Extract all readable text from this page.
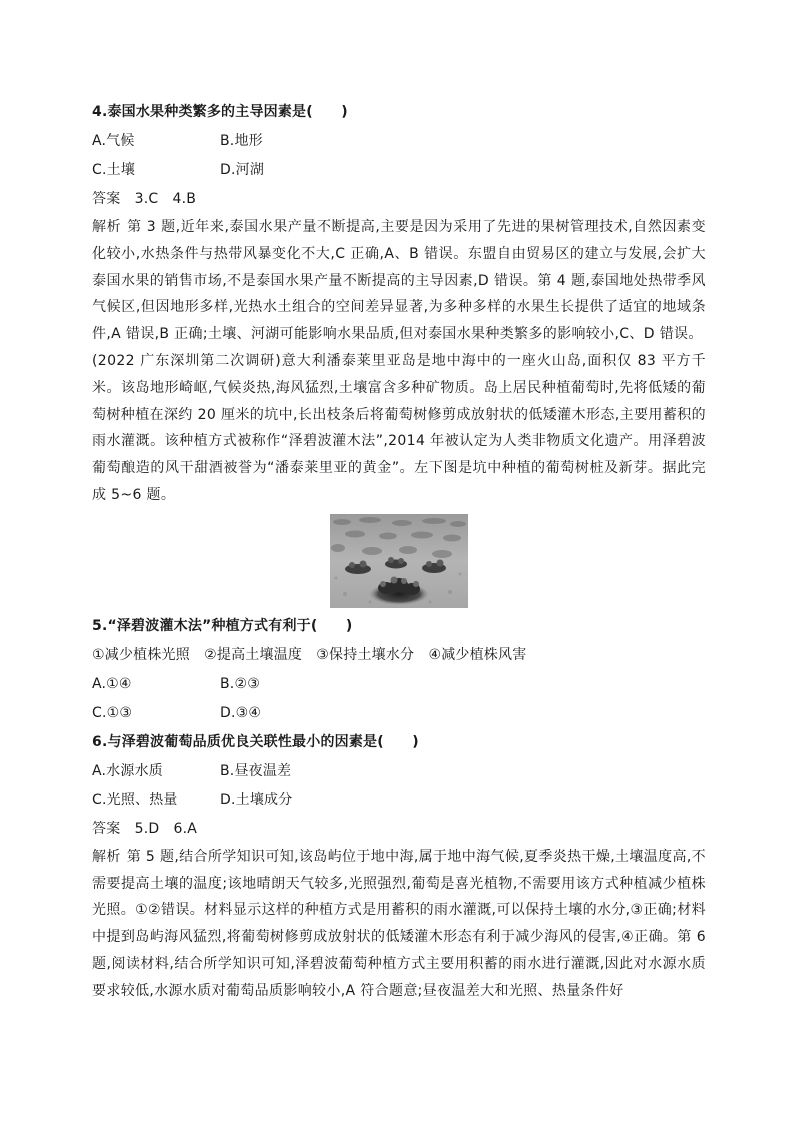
4.泰国水果种类繁多的主导因素是(　　)
A.气候	B.地形
C.土壤	D.河湖
答案　3.C　4.B

解析 第 3 题,近年来,泰国水果产量不断提高,主要是因为采用了先进的果树管理技术,自然因素变化较小,水热条件与热带风暴变化不大,C 正确,A、B 错误。东盟自由贸易区的建立与发展,会扩大泰国水果的销售市场,不是泰国水果产量不断提高的主导因素,D 错误。第 4 题,泰国地处热带季风气候区,但因地形多样,光热水土组合的空间差异显著,为多种多样的水果生长提供了适宜的地域条件,A 错误,B 正确;土壤、河湖可能影响水果品质,但对泰国水果种类繁多的影响较小,C、D 错误。

(2022 广东深圳第二次调研)意大利潘泰莱里亚岛是地中海中的一座火山岛,面积仅 83 平方千米。该岛地形崎岖,气候炎热,海风猛烈,土壤富含多种矿物质。岛上居民种植葡萄时,先将低矮的葡萄树种植在深约 20 厘米的坑中,长出枝条后将葡萄树修剪成放射状的低矮灌木形态,主要用蓄积的雨水灌溉。该种植方式被称作“泽碧波灌木法”,2014 年被认定为人类非物质文化遗产。用泽碧波葡萄酿造的风干甜酒被誉为“潘泰莱里亚的黄金”。左下图是坑中种植的葡萄树桩及新芽。据此完成 5~6 题。

5.“泽碧波灌木法”种植方式有利于(　　)
①减少植株光照　②提高土壤温度　③保持土壤水分　④减少植株风害
A.①④	B.②③
C.①③	D.③④
6.与泽碧波葡萄品质优良关联性最小的因素是(　　)
A.水源水质	B.昼夜温差
C.光照、热量	D.土壤成分
答案　5.D　6.A

解析 第 5 题,结合所学知识可知,该岛屿位于地中海,属于地中海气候,夏季炎热干燥,土壤温度高,不需要提高土壤的温度;该地晴朗天气较多,光照强烈,葡萄是喜光植物,不需要用该方式种植减少植株光照。①②错误。材料显示这样的种植方式是用蓄积的雨水灌溉,可以保持土壤的水分,③正确;材料中提到岛屿海风猛烈,将葡萄树修剪成放射状的低矮灌木形态有利于减少海风的侵害,④正确。第 6 题,阅读材料,结合所学知识可知,泽碧波葡萄种植方式主要用积蓄的雨水进行灌溉,因此对水源水质要求较低,水源水质对葡萄品质影响较小,A 符合题意;昼夜温差大和光照、热量条件好
